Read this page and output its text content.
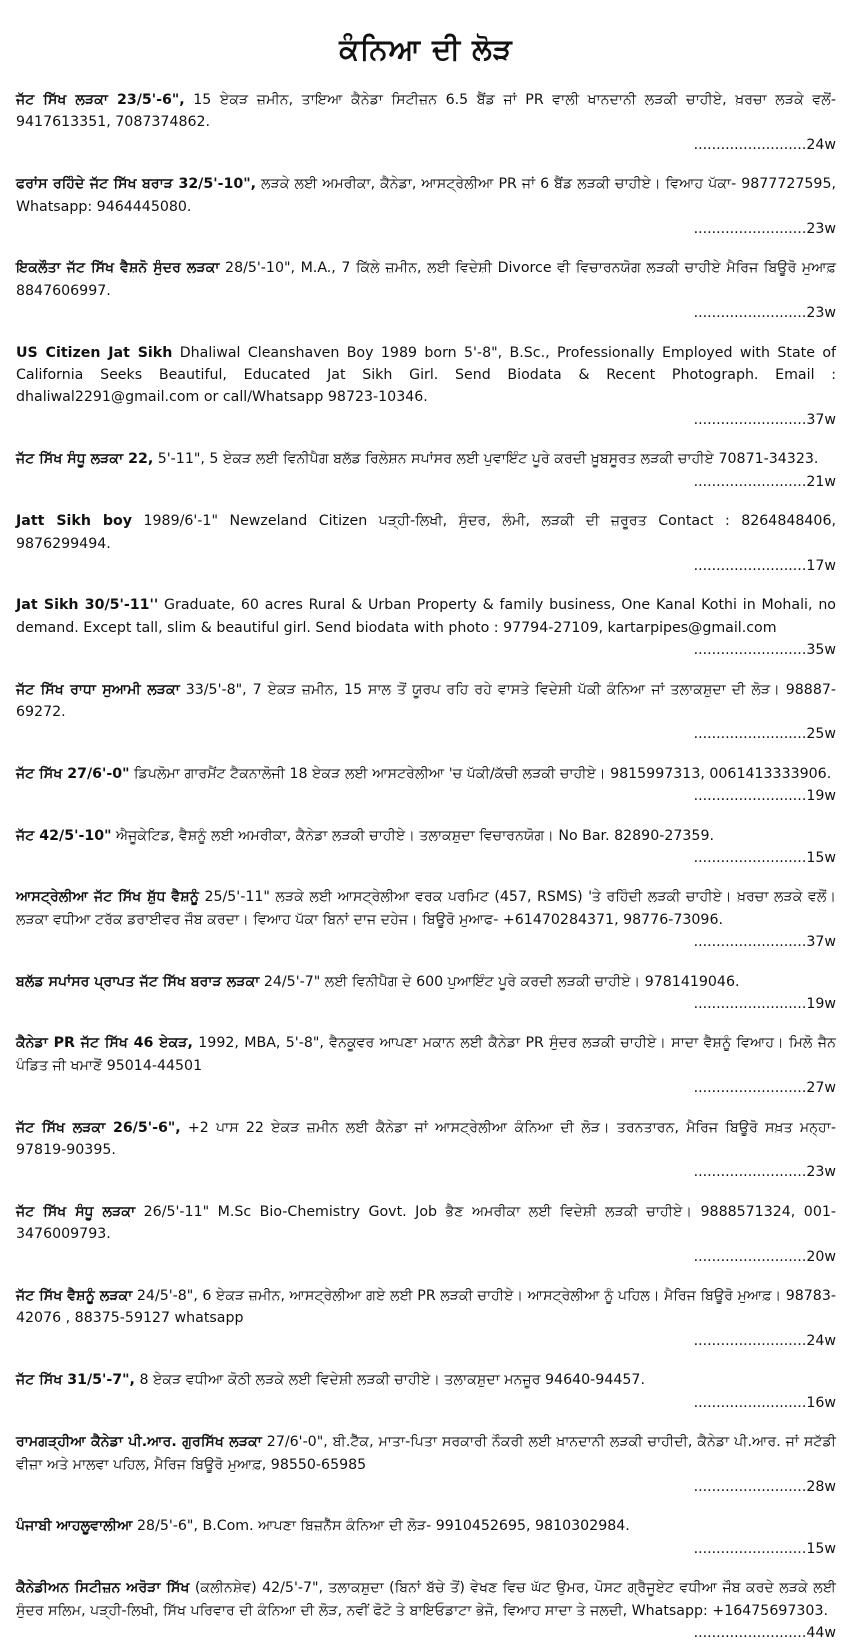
ਕੰਨਿਆ ਦੀ ਲੋੜ
ਜੱਟ ਸਿੱਖ ਲੜਕਾ 23/5'-6", 15 ਏਕੜ ਜ਼ਮੀਨ, ਤਾਇਆ ਕੈਨੇਡਾ ਸਿਟੀਜ਼ਨ 6.5 ਬੈਂਡ ਜਾਂ PR ਵਾਲੀ ਖਾਨਦਾਨੀ ਲੜਕੀ ਚਾਹੀਏ, ਖ਼ਰਚਾ ਲੜਕੇ ਵਲੋਂ- 9417613351, 7087374862.
.........................24w
ਫਰਾਂਸ ਰਹਿੰਦੇ ਜੱਟ ਸਿੱਖ ਬਰਾੜ 32/5'-10", ਲੜਕੇ ਲਈ ਅਮਰੀਕਾ, ਕੈਨੇਡਾ, ਆਸਟ੍ਰੇਲੀਆ PR ਜਾਂ 6 ਬੈਂਡ ਲੜਕੀ ਚਾਹੀਏ। ਵਿਆਹ ਪੱਕਾ- 9877727595, Whatsapp: 9464445080.
.........................23w
ਇਕਲੌਤਾ ਜੱਟ ਸਿੱਖ ਵੈਸ਼ਨੋ ਸੁੰਦਰ ਲੜਕਾ 28/5'-10", M.A., 7 ਕਿੱਲੇ ਜ਼ਮੀਨ, ਲਈ ਵਿਦੇਸ਼ੀ Divorce ਵੀ ਵਿਚਾਰਨਯੋਗ ਲੜਕੀ ਚਾਹੀਏ ਮੈਰਿਜ ਬਿਊਰੋ ਮੁਆਫ਼ 8847606997.
.........................23w
US Citizen Jat Sikh Dhaliwal Cleanshaven Boy 1989 born 5'-8", B.Sc., Professionally Employed with State of California Seeks Beautiful, Educated Jat Sikh Girl. Send Biodata & Recent Photograph. Email : dhaliwal2291@gmail.com or call/Whatsapp 98723-10346.
.........................37w
ਜੱਟ ਸਿੱਖ ਸੰਧੂ ਲੜਕਾ 22, 5'-11", 5 ਏਕੜ ਲਈ ਵਿਨੀਪੈਗ ਬਲੱਡ ਰਿਲੇਸ਼ਨ ਸਪਾਂਸਰ ਲਈ ਪੁਵਾਇੰਟ ਪੂਰੇ ਕਰਦੀ ਖ਼ੂਬਸੂਰਤ ਲੜਕੀ ਚਾਹੀਏ 70871-34323.
.........................21w
Jatt Sikh boy 1989/6'-1" Newzeland Citizen ਪੜ੍ਹੀ-ਲਿਖੀ, ਸੁੰਦਰ, ਲੰਮੀ, ਲੜਕੀ ਦੀ ਜ਼ਰੂਰਤ Contact : 8264848406, 9876299494.
.........................17w
Jat Sikh 30/5'-11'' Graduate, 60 acres Rural & Urban Property & family business, One Kanal Kothi in Mohali, no demand. Except tall, slim & beautiful girl. Send biodata with photo : 97794-27109, kartarpipes@gmail.com
.........................35w
ਜੱਟ ਸਿੱਖ ਰਾਧਾ ਸੁਆਮੀ ਲੜਕਾ 33/5'-8", 7 ਏਕੜ ਜ਼ਮੀਨ, 15 ਸਾਲ ਤੋਂ ਯੂਰਪ ਰਹਿ ਰਹੇ ਵਾਸਤੇ ਵਿਦੇਸ਼ੀ ਪੱਕੀ ਕੰਨਿਆ ਜਾਂ ਤਲਾਕਸ਼ੁਦਾ ਦੀ ਲੋੜ। 98887-69272.
.........................25w
ਜੱਟ ਸਿੱਖ 27/6'-0" ਡਿਪਲੋਮਾ ਗਾਰਮੈਂਟ ਟੈਕਨਾਲੋਜੀ 18 ਏਕੜ ਲਈ ਆਸਟਰੇਲੀਆ 'ਚ ਪੱਕੀ/ਕੱਚੀ ਲੜਕੀ ਚਾਹੀਏ। 9815997313, 0061413333906.
.........................19w
ਜੱਟ 42/5'-10" ਐਜੂਕੇਟਿਡ, ਵੈਸ਼ਨੂੰ ਲਈ ਅਮਰੀਕਾ, ਕੈਨੇਡਾ ਲੜਕੀ ਚਾਹੀਏ। ਤਲਾਕਸ਼ੁਦਾ ਵਿਚਾਰਨਯੋਗ। No Bar. 82890-27359.
.........................15w
ਆਸਟ੍ਰੇਲੀਆ ਜੱਟ ਸਿੱਖ ਸ਼ੁੱਧ ਵੈਸ਼ਨੂੰ 25/5'-11" ਲੜਕੇ ਲਈ ਆਸਟ੍ਰੇਲੀਆ ਵਰਕ ਪਰਮਿਟ (457, RSMS) 'ਤੇ ਰਹਿੰਦੀ ਲੜਕੀ ਚਾਹੀਏ। ਖ਼ਰਚਾ ਲੜਕੇ ਵਲੋਂ। ਲੜਕਾ ਵਧੀਆ ਟਰੱਕ ਡਰਾਈਵਰ ਜੌਬ ਕਰਦਾ। ਵਿਆਹ ਪੱਕਾ ਬਿਨਾਂ ਦਾਜ ਦਹੇਜ। ਬਿਊਰੋ ਮੁਆਫ- +61470284371, 98776-73096.
.........................37w
ਬਲੱਡ ਸਪਾਂਸਰ ਪ੍ਰਾਪਤ ਜੱਟ ਸਿੱਖ ਬਰਾੜ ਲੜਕਾ 24/5'-7" ਲਈ ਵਿਨੀਪੈਗ ਦੇ 600 ਪੁਆਇੰਟ ਪੂਰੇ ਕਰਦੀ ਲੜਕੀ ਚਾਹੀਏ। 9781419046.
.........................19w
ਕੈਨੇਡਾ PR ਜੱਟ ਸਿੱਖ 46 ਏਕੜ, 1992, MBA, 5'-8", ਵੈਨਕੂਵਰ ਆਪਣਾ ਮਕਾਨ ਲਈ ਕੈਨੇਡਾ PR ਸੁੰਦਰ ਲੜਕੀ ਚਾਹੀਏ। ਸਾਦਾ ਵੈਸ਼ਨੂੰ ਵਿਆਹ। ਮਿਲੋ ਜੈਨ ਪੰਡਿਤ ਜੀ ਖਮਾਣੋਂ 95014-44501
.........................27w
ਜੱਟ ਸਿੱਖ ਲੜਕਾ 26/5'-6", +2 ਪਾਸ 22 ਏਕੜ ਜ਼ਮੀਨ ਲਈ ਕੈਨੇਡਾ ਜਾਂ ਆਸਟ੍ਰੇਲੀਆ ਕੰਨਿਆ ਦੀ ਲੋੜ। ਤਰਨਤਾਰਨ, ਮੈਰਿਜ ਬਿਊਰੋ ਸਖ਼ਤ ਮਨ੍ਹਾ- 97819-90395.
.........................23w
ਜੱਟ ਸਿੱਖ ਸੰਧੂ ਲੜਕਾ 26/5'-11" M.Sc Bio-Chemistry Govt. Job ਭੈਣ ਅਮਰੀਕਾ ਲਈ ਵਿਦੇਸ਼ੀ ਲੜਕੀ ਚਾਹੀਏ। 9888571324, 001-3476009793.
.........................20w
ਜੱਟ ਸਿੱਖ ਵੈਸ਼ਨੂੰ ਲੜਕਾ 24/5'-8", 6 ਏਕੜ ਜ਼ਮੀਨ, ਆਸਟ੍ਰੇਲੀਆ ਗਏ ਲਈ PR ਲੜਕੀ ਚਾਹੀਏ। ਆਸਟ੍ਰੇਲੀਆ ਨੂੰ ਪਹਿਲ। ਮੈਰਿਜ ਬਿਊਰੋ ਮੁਆਫ਼। 98783-42076 , 88375-59127 whatsapp
.........................24w
ਜੱਟ ਸਿੱਖ 31/5'-7", 8 ਏਕੜ ਵਧੀਆ ਕੋਠੀ ਲੜਕੇ ਲਈ ਵਿਦੇਸ਼ੀ ਲੜਕੀ ਚਾਹੀਏ। ਤਲਾਕਸ਼ੁਦਾ ਮਨਜ਼ੂਰ 94640-94457.
.........................16w
ਰਾਮਗੜ੍ਹੀਆ ਕੈਨੇਡਾ ਪੀ.ਆਰ. ਗੁਰਸਿੱਖ ਲੜਕਾ 27/6'-0", ਬੀ.ਟੈੱਕ, ਮਾਤਾ-ਪਿਤਾ ਸਰਕਾਰੀ ਨੌਕਰੀ ਲਈ ਖ਼ਾਨਦਾਨੀ ਲੜਕੀ ਚਾਹੀਦੀ, ਕੈਨੇਡਾ ਪੀ.ਆਰ. ਜਾਂ ਸਟੱਡੀ ਵੀਜ਼ਾ ਅਤੇ ਮਾਲਵਾ ਪਹਿਲ, ਮੈਰਿਜ ਬਿਊਰੋ ਮੁਆਫ਼, 98550-65985
.........................28w
ਪੰਜਾਬੀ ਆਹਲੂਵਾਲੀਆ 28/5'-6", B.Com. ਆਪਣਾ ਬਿਜ਼ਨੈੱਸ ਕੰਨਿਆ ਦੀ ਲੋੜ- 9910452695, 9810302984.
.........................15w
ਕੈਨੇਡੀਅਨ ਸਿਟੀਜ਼ਨ ਅਰੋੜਾ ਸਿੱਖ (ਕਲੀਨਸ਼ੇਵ) 42/5'-7", ਤਲਾਕਸ਼ੁਦਾ (ਬਿਨਾਂ ਬੱਚੇ ਤੋਂ) ਵੇਖਣ ਵਿਚ ਘੱਟ ਉਮਰ, ਪੋਸਟ ਗ੍ਰੈਜੂਏਟ ਵਧੀਆ ਜੌਬ ਕਰਦੇ ਲੜਕੇ ਲਈ ਸੁੰਦਰ ਸਲਿਮ, ਪੜ੍ਹੀ-ਲਿਖੀ, ਸਿੱਖ ਪਰਿਵਾਰ ਦੀ ਕੰਨਿਆ ਦੀ ਲੋੜ, ਨਵੀਂ ਫੋਟੋ ਤੇ ਬਾਇਓਡਾਟਾ ਭੇਜੋ, ਵਿਆਹ ਸਾਦਾ ਤੇ ਜਲਦੀ, Whatsapp: +16475697303.
.........................44w
